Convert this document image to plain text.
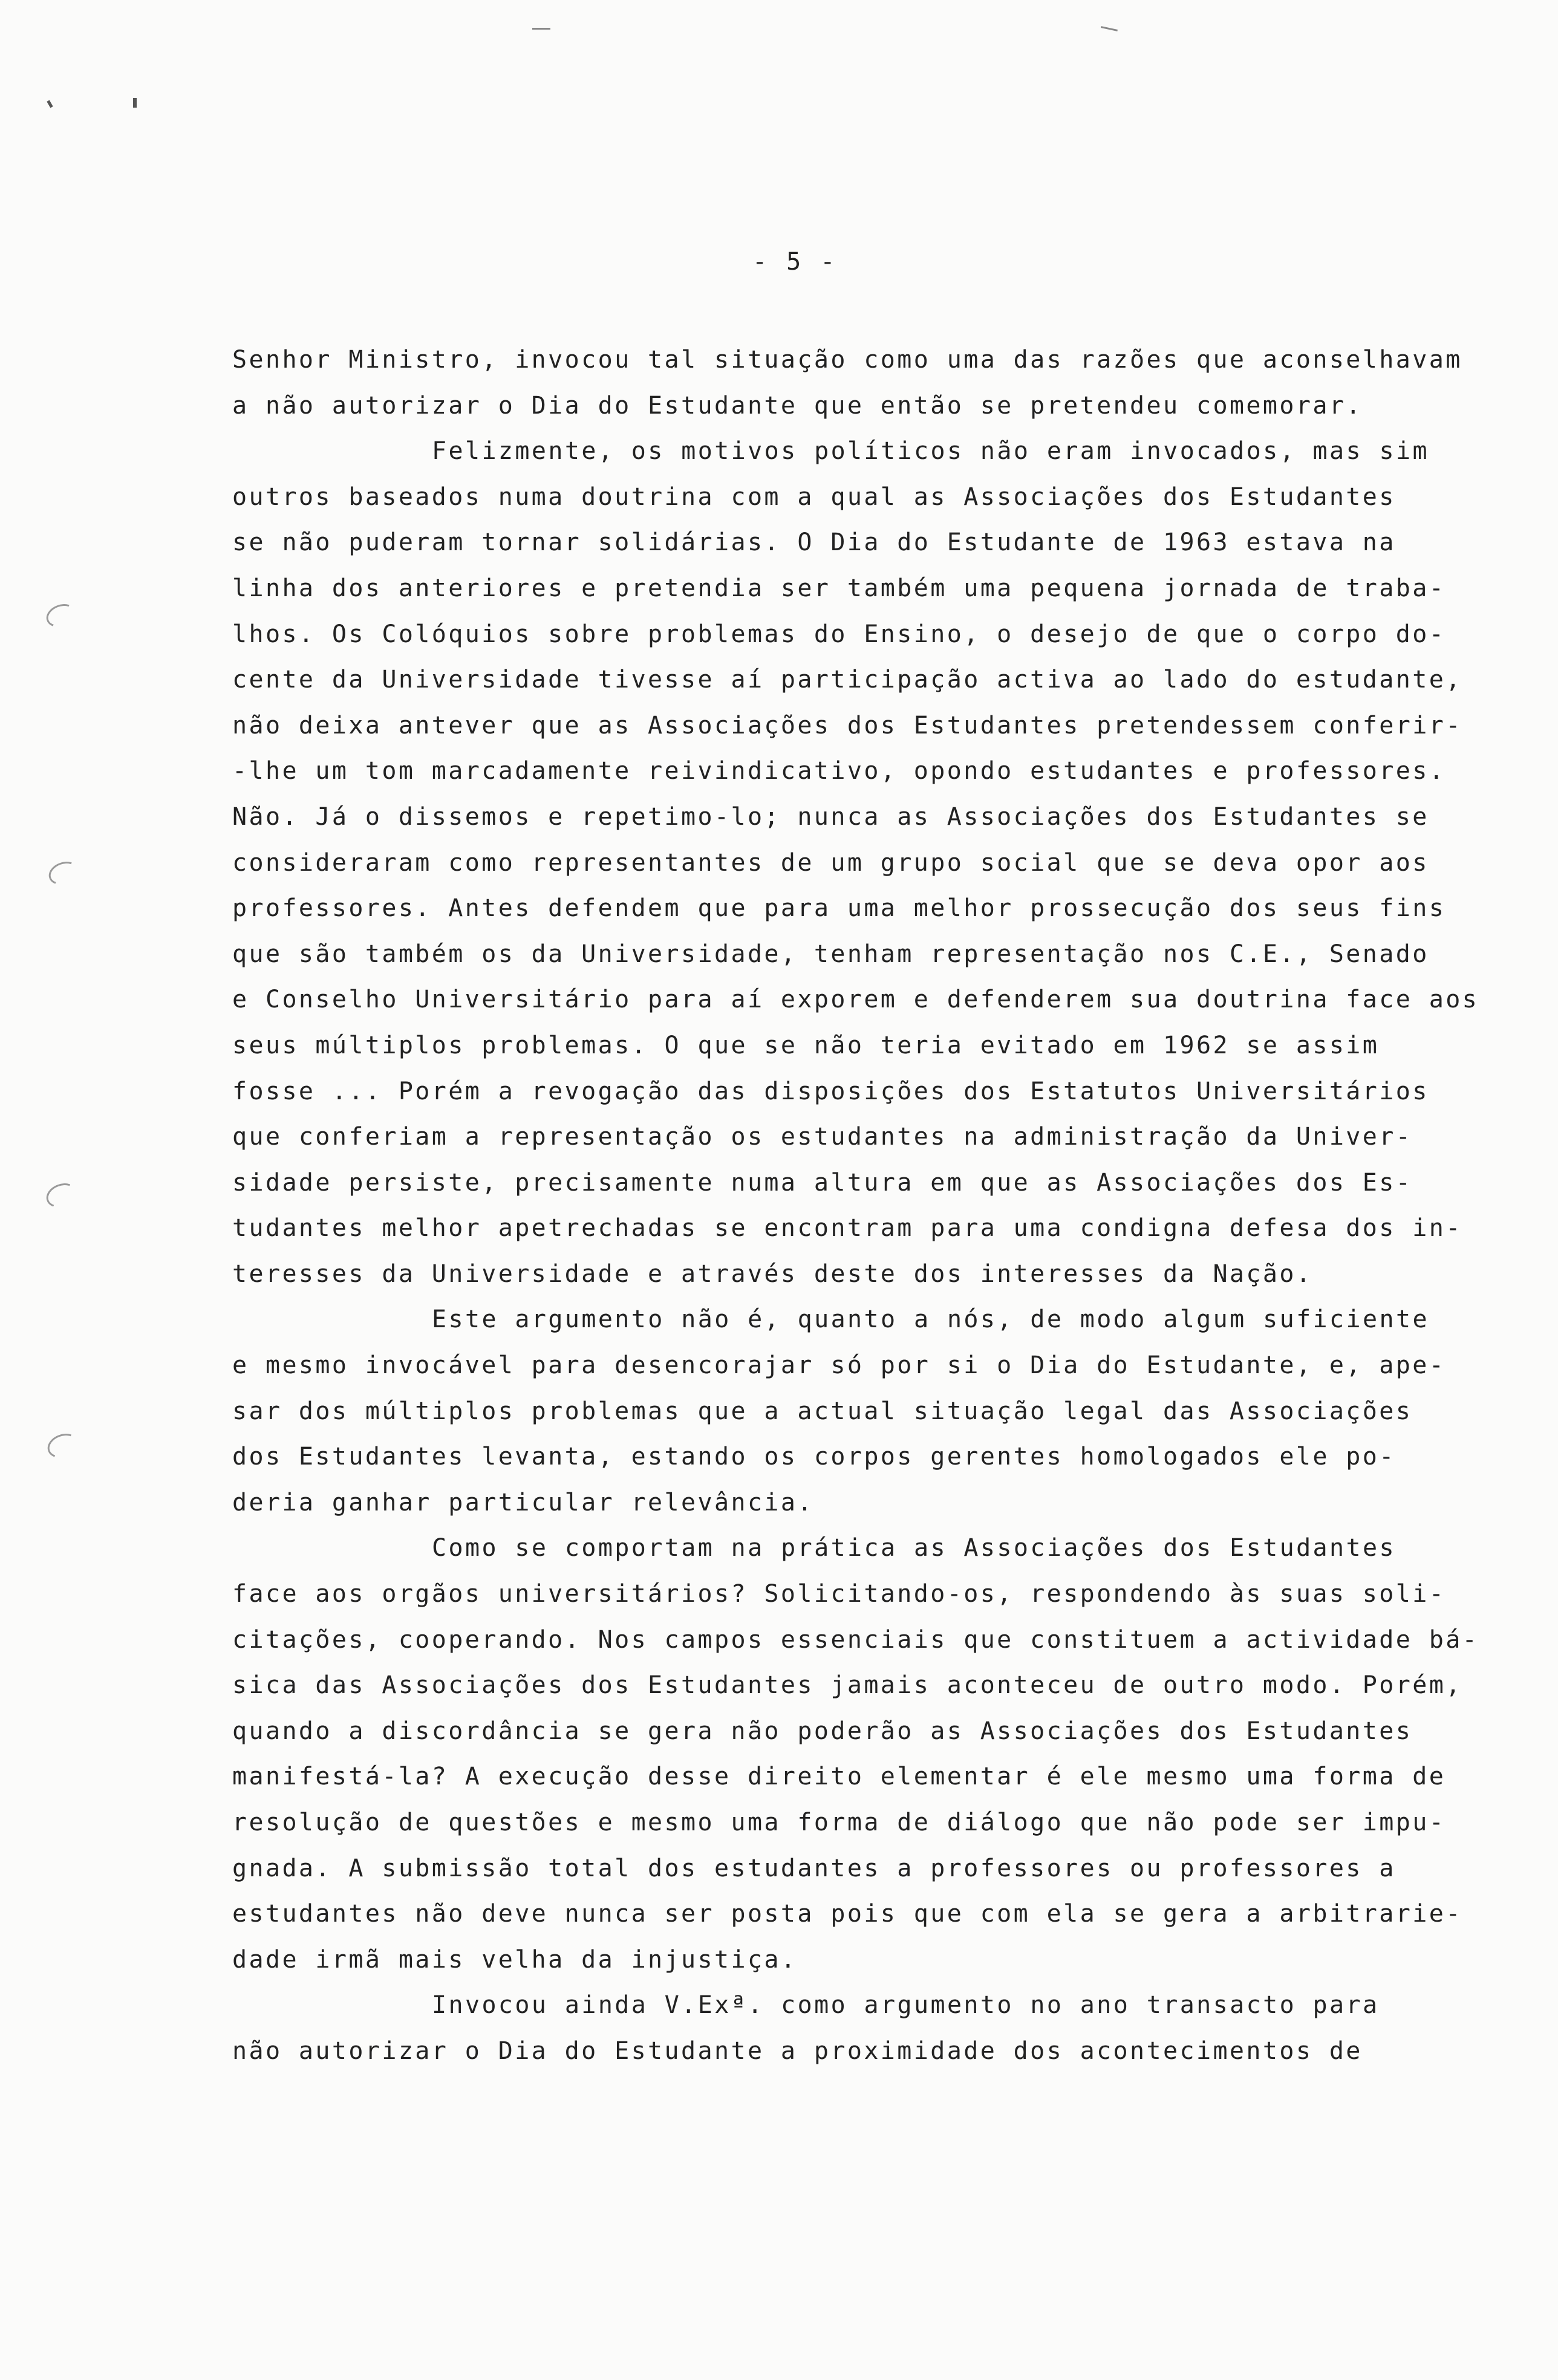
- 5 -
Senhor Ministro, invocou tal situação como uma das razões que aconselhavam
a não autorizar o Dia do Estudante que então se pretendeu comemorar.
Felizmente, os motivos políticos não eram invocados, mas sim
outros baseados numa doutrina com a qual as Associações dos Estudantes
se não puderam tornar solidárias. O Dia do Estudante de 1963 estava na
linha dos anteriores e pretendia ser também uma pequena jornada de traba-
lhos. Os Colóquios sobre problemas do Ensino, o desejo de que o corpo do-
cente da Universidade tivesse aí participação activa ao lado do estudante,
não deixa antever que as Associações dos Estudantes pretendessem conferir-
-lhe um tom marcadamente reivindicativo, opondo estudantes e professores.
Não. Já o dissemos e repetimo-lo; nunca as Associações dos Estudantes se
consideraram como representantes de um grupo social que se deva opor aos
professores. Antes defendem que para uma melhor prossecução dos seus fins
que são também os da Universidade, tenham representação nos C.E., Senado
e Conselho Universitário para aí exporem e defenderem sua doutrina face aos
seus múltiplos problemas. O que se não teria evitado em 1962 se assim
fosse ... Porém a revogação das disposições dos Estatutos Universitários
que conferiam a representação os estudantes na administração da Univer-
sidade persiste, precisamente numa altura em que as Associações dos Es-
tudantes melhor apetrechadas se encontram para uma condigna defesa dos in-
teresses da Universidade e através deste dos interesses da Nação.
Este argumento não é, quanto a nós, de modo algum suficiente
e mesmo invocável para desencorajar só por si o Dia do Estudante, e, ape-
sar dos múltiplos problemas que a actual situação legal das Associações
dos Estudantes levanta, estando os corpos gerentes homologados ele po-
deria ganhar particular relevância.
Como se comportam na prática as Associações dos Estudantes
face aos orgãos universitários? Solicitando-os, respondendo às suas soli-
citações, cooperando. Nos campos essenciais que constituem a actividade bá-
sica das Associações dos Estudantes jamais aconteceu de outro modo. Porém,
quando a discordância se gera não poderão as Associações dos Estudantes
manifestá-la? A execução desse direito elementar é ele mesmo uma forma de
resolução de questões e mesmo uma forma de diálogo que não pode ser impu-
gnada. A submissão total dos estudantes a professores ou professores a
estudantes não deve nunca ser posta pois que com ela se gera a arbitrarie-
dade irmã mais velha da injustiça.
Invocou ainda V.Exª. como argumento no ano transacto para
não autorizar o Dia do Estudante a proximidade dos acontecimentos de
